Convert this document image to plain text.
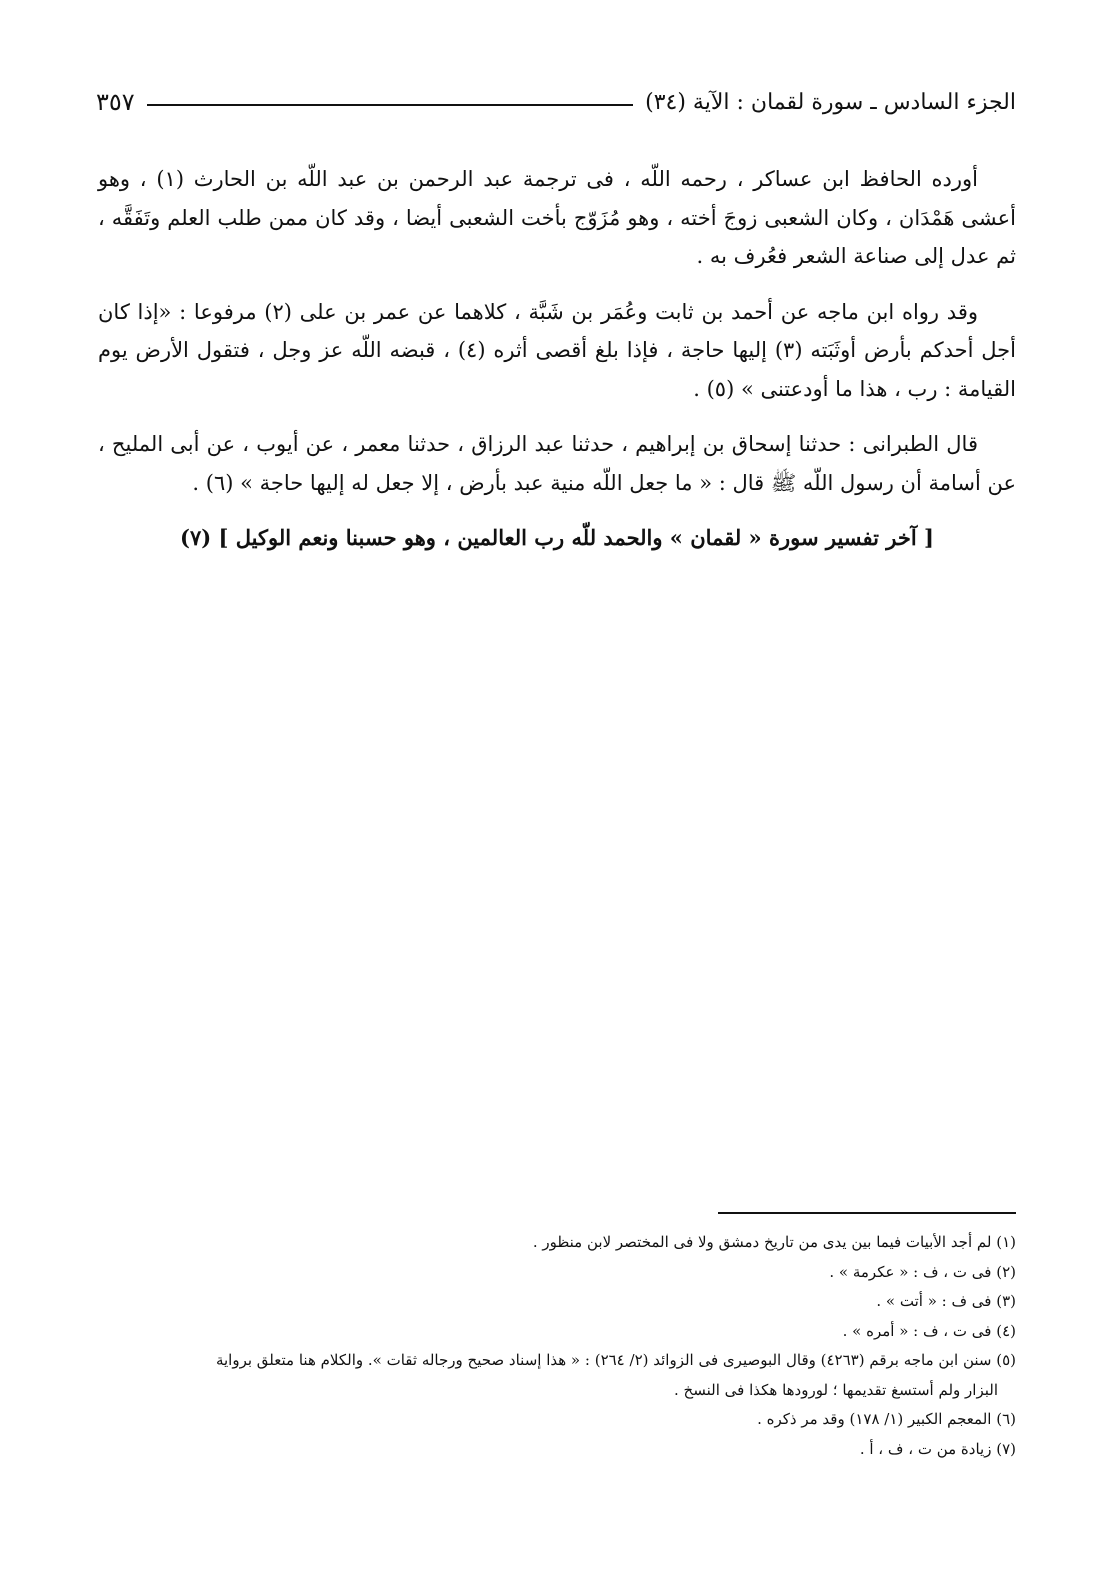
الجزء السادس ـ سورة لقمان : الآية (٣٤)
٣٥٧

أورده الحافظ ابن عساكر ، رحمه اللّه ، فى ترجمة عبد الرحمن بن عبد اللّه بن الحارث (١) ، وهو أعشى هَمْدَان ، وكان الشعبى زوجَ أخته ، وهو مُزَوّج بأخت الشعبى أيضا ، وقد كان ممن طلب العلم وتَفَقَّه ، ثم عدل إلى صناعة الشعر فعُرف به .

وقد رواه ابن ماجه عن أحمد بن ثابت وعُمَر بن شَبَّة ، كلاهما عن عمر بن على (٢) مرفوعا : «إذا كان أجل أحدكم بأرض أوثَبَته (٣) إليها حاجة ، فإذا بلغ أقصى أثره (٤) ، قبضه اللّه عز وجل ، فتقول الأرض يوم القيامة : رب ، هذا ما أودعتنى » (٥) .

قال الطبرانى : حدثنا إسحاق بن إبراهيم ، حدثنا عبد الرزاق ، حدثنا معمر ، عن أيوب ، عن أبى المليح ، عن أسامة أن رسول اللّه ﷺ قال : « ما جعل اللّه منية عبد بأرض ، إلا جعل له إليها حاجة » (٦) .

[ آخر تفسير سورة « لقمان » والحمد للّه رب العالمين ، وهو حسبنا ونعم الوكيل ] (٧)

(١) لم أجد الأبيات فيما بين يدى من تاريخ دمشق ولا فى المختصر لابن منظور .

(٢) فى ت ، ف : « عكرمة » .

(٣) فى ف : « أتت » .

(٤) فى ت ، ف : « أمره » .

(٥) سنن ابن ماجه برقم (٤٢٦٣) وقال البوصيرى فى الزوائد (٢/ ٢٦٤) : « هذا إسناد صحيح ورجاله ثقات ». والكلام هنا متعلق برواية

البزار ولم أستسغ تقديمها ؛ لورودها هكذا فى النسخ .

(٦) المعجم الكبير (١/ ١٧٨) وقد مر ذكره .

(٧) زيادة من ت ، ف ، أ .
